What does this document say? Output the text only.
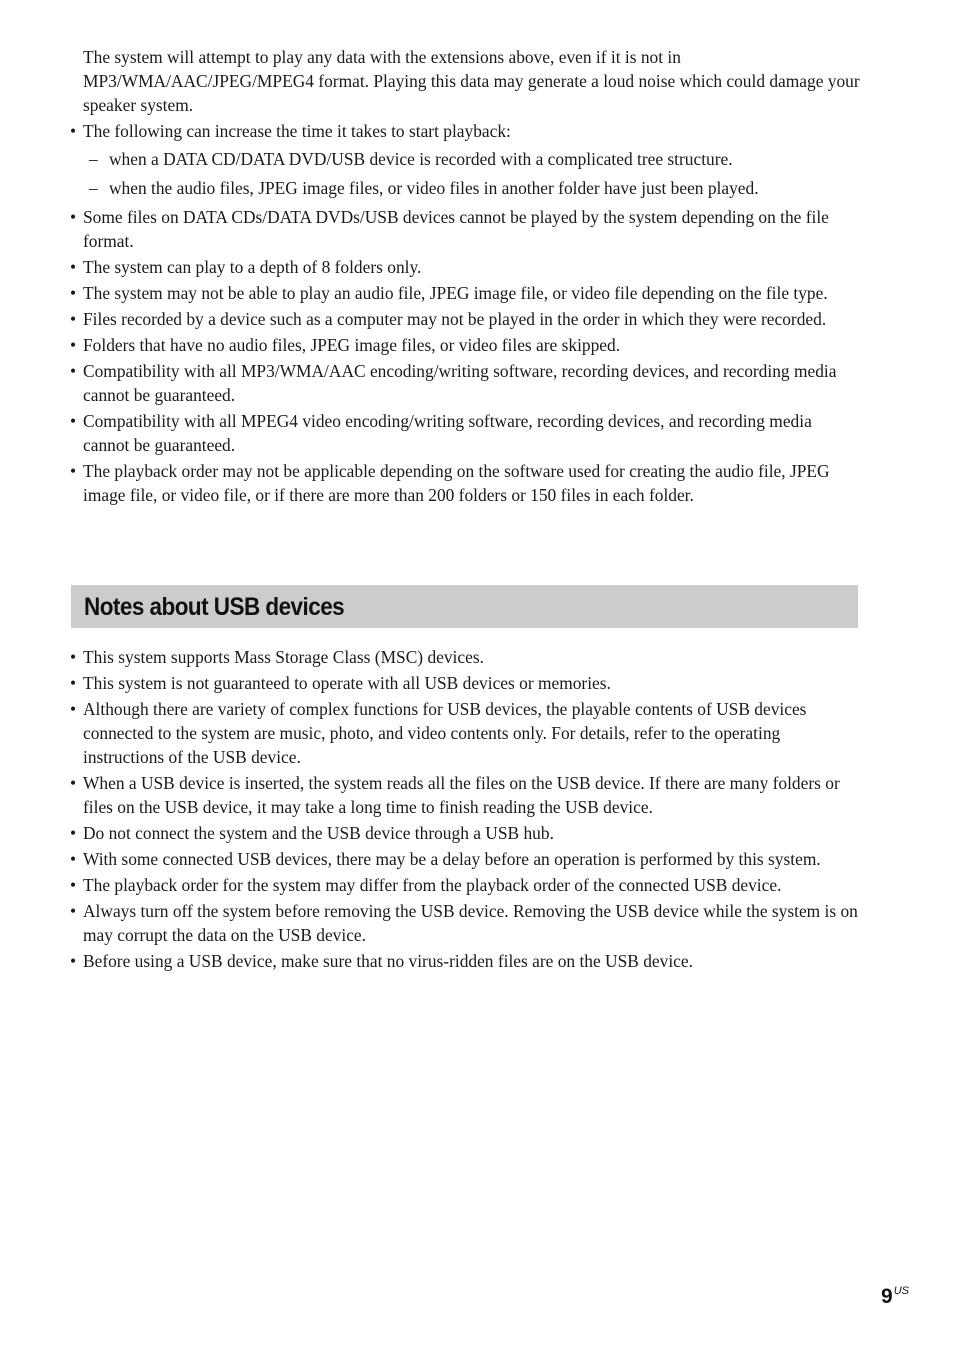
The system will attempt to play any data with the extensions above, even if it is not in MP3/WMA/AAC/JPEG/MPEG4 format. Playing this data may generate a loud noise which could damage your speaker system.

• The following can increase the time it takes to start playback:
– when a DATA CD/DATA DVD/USB device is recorded with a complicated tree structure.
– when the audio files, JPEG image files, or video files in another folder have just been played.
• Some files on DATA CDs/DATA DVDs/USB devices cannot be played by the system depending on the file format.
• The system can play to a depth of 8 folders only.
• The system may not be able to play an audio file, JPEG image file, or video file depending on the file type.
• Files recorded by a device such as a computer may not be played in the order in which they were recorded.
• Folders that have no audio files, JPEG image files, or video files are skipped.
• Compatibility with all MP3/WMA/AAC encoding/writing software, recording devices, and recording media cannot be guaranteed.
• Compatibility with all MPEG4 video encoding/writing software, recording devices, and recording media cannot be guaranteed.
• The playback order may not be applicable depending on the software used for creating the audio file, JPEG image file, or video file, or if there are more than 200 folders or 150 files in each folder.
Notes about USB devices
• This system supports Mass Storage Class (MSC) devices.
• This system is not guaranteed to operate with all USB devices or memories.
• Although there are variety of complex functions for USB devices, the playable contents of USB devices connected to the system are music, photo, and video contents only. For details, refer to the operating instructions of the USB device.
• When a USB device is inserted, the system reads all the files on the USB device. If there are many folders or files on the USB device, it may take a long time to finish reading the USB device.
• Do not connect the system and the USB device through a USB hub.
• With some connected USB devices, there may be a delay before an operation is performed by this system.
• The playback order for the system may differ from the playback order of the connected USB device.
• Always turn off the system before removing the USB device. Removing the USB device while the system is on may corrupt the data on the USB device.
• Before using a USB device, make sure that no virus-ridden files are on the USB device.
$9^{US}$
